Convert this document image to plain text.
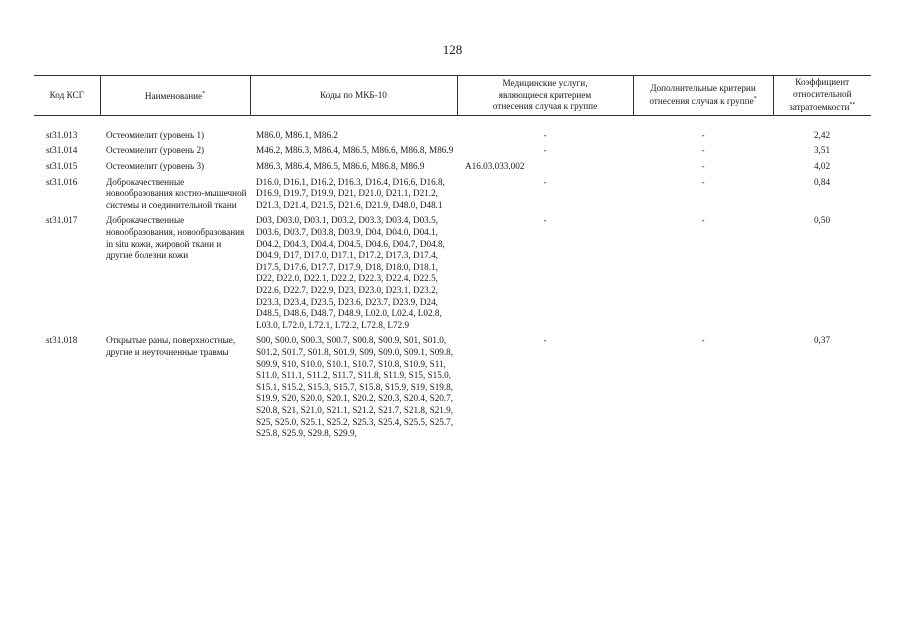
128
Код КСГ	Наименование*	Коды по МКБ-10	Медицинские услуги, являющиеся критерием отнесения случая к группе	Дополнительные критерии отнесения случая к группе*	Коэффициент относительной затратоемкости**

st31.013	Остеомиелит (уровень 1)	M86.0, M86.1, M86.2	-	-	2,42
st31.014	Остеомиелит (уровень 2)	M46.2, M86.3, M86.4, M86.5, M86.6, M86.8, M86.9	-	-	3,51
st31.015	Остеомиелит (уровень 3)	M86.3, M86.4, M86.5, M86.6, M86.8, M86.9	A16.03.033.002	-	4,02
st31.016	Доброкачественные новообразования костно-мышечной системы и соединительной ткани	D16.0, D16.1, D16.2, D16.3, D16.4, D16.6, D16.8, D16.9, D19.7, D19.9, D21, D21.0, D21.1, D21.2, D21.3, D21.4, D21.5, D21.6, D21.9, D48.0, D48.1	-	-	0,84
st31.017	Доброкачественные новообразования, новообразования in situ кожи, жировой ткани и другие болезни кожи	D03, D03.0, D03.1, D03.2, D03.3, D03.4, D03.5, D03.6, D03.7, D03.8, D03.9, D04, D04.0, D04.1, D04.2, D04.3, D04.4, D04.5, D04.6, D04.7, D04.8, D04.9, D17, D17.0, D17.1, D17.2, D17.3, D17.4, D17.5, D17.6, D17.7, D17.9, D18, D18.0, D18.1, D22, D22.0, D22.1, D22.2, D22.3, D22.4, D22.5, D22.6, D22.7, D22.9, D23, D23.0, D23.1, D23.2, D23.3, D23.4, D23.5, D23.6, D23.7, D23.9, D24, D48.5, D48.6, D48.7, D48.9, L02.0, L02.4, L02.8, L03.0, L72.0, L72.1, L72.2, L72.8, L72.9	-	-	0,50
st31.018	Открытые раны, поверхностные, другие и неуточненные травмы	S00, S00.0, S00.3, S00.7, S00.8, S00.9, S01, S01.0, S01.2, S01.7, S01.8, S01.9, S09, S09.0, S09.1, S09.8, S09.9, S10, S10.0, S10.1, S10.7, S10.8, S10.9, S11, S11.0, S11.1, S11.2, S11.7, S11.8, S11.9, S15, S15.0, S15.1, S15.2, S15.3, S15.7, S15.8, S15.9, S19, S19.8, S19.9, S20, S20.0, S20.1, S20.2, S20.3, S20.4, S20.7, S20.8, S21, S21.0, S21.1, S21.2, S21.7, S21.8, S21.9, S25, S25.0, S25.1, S25.2, S25.3, S25.4, S25.5, S25.7, S25.8, S25.9, S29.8, S29.9,	-	-	0,37
